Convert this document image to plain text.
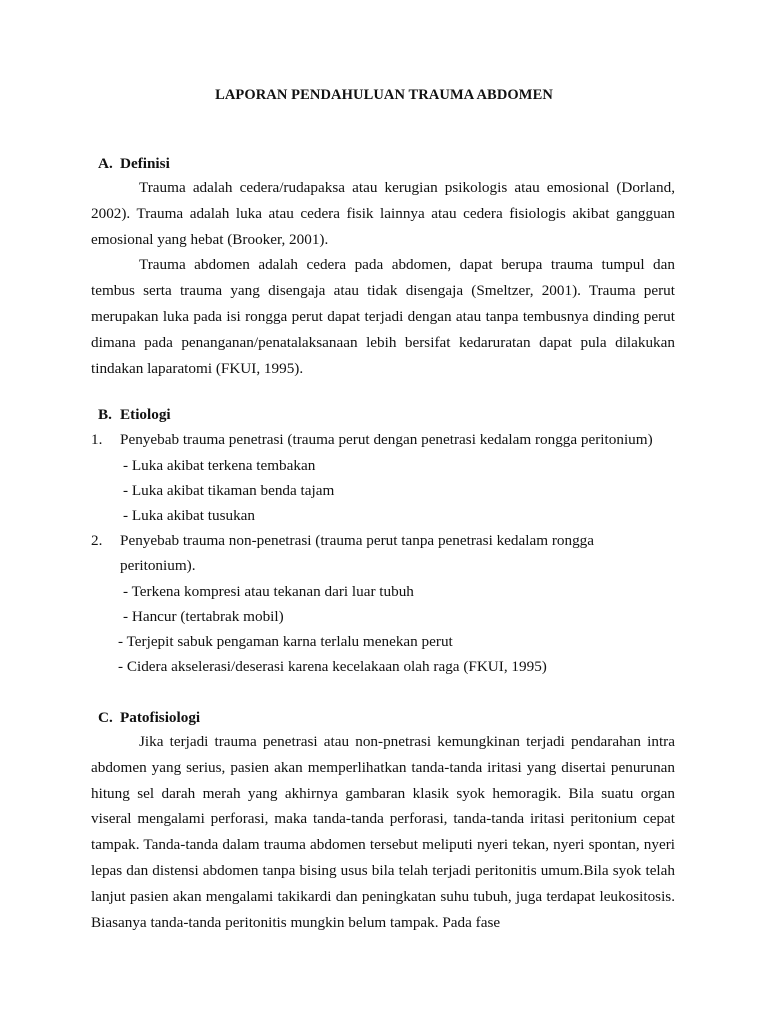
LAPORAN PENDAHULUAN TRAUMA ABDOMEN
A. Definisi

Trauma adalah cedera/rudapaksa atau kerugian psikologis atau emosional (Dorland, 2002). Trauma adalah luka atau cedera fisik lainnya atau cedera fisiologis akibat gangguan emosional yang hebat (Brooker, 2001).

Trauma abdomen adalah cedera pada abdomen, dapat berupa trauma tumpul dan tembus serta trauma yang disengaja atau tidak disengaja (Smeltzer, 2001). Trauma perut merupakan luka pada isi rongga perut dapat terjadi dengan atau tanpa tembusnya dinding perut dimana pada penanganan/penatalaksanaan lebih bersifat kedaruratan dapat pula dilakukan tindakan laparatomi (FKUI, 1995).

B. Etiologi
1. Penyebab trauma penetrasi (trauma perut dengan penetrasi kedalam rongga peritonium)
- Luka akibat terkena tembakan
- Luka akibat tikaman benda tajam
- Luka akibat tusukan
2. Penyebab trauma non-penetrasi (trauma perut tanpa penetrasi kedalam rongga
peritonium).
- Terkena kompresi atau tekanan dari luar tubuh
- Hancur (tertabrak mobil)
- Terjepit sabuk pengaman karna terlalu menekan perut
- Cidera akselerasi/deserasi karena kecelakaan olah raga (FKUI, 1995)
C. Patofisiologi

Jika terjadi trauma penetrasi atau non-pnetrasi kemungkinan terjadi pendarahan intra abdomen yang serius, pasien akan memperlihatkan tanda-tanda iritasi yang disertai penurunan hitung sel darah merah yang akhirnya gambaran klasik syok hemoragik. Bila suatu organ viseral mengalami perforasi, maka tanda-tanda perforasi, tanda-tanda iritasi peritonium cepat tampak. Tanda-tanda dalam trauma abdomen tersebut meliputi nyeri tekan, nyeri spontan, nyeri lepas dan distensi abdomen tanpa bising usus bila telah terjadi peritonitis umum.Bila syok telah lanjut pasien akan mengalami takikardi dan peningkatan suhu tubuh, juga terdapat leukositosis. Biasanya tanda-tanda peritonitis mungkin belum tampak. Pada fase
